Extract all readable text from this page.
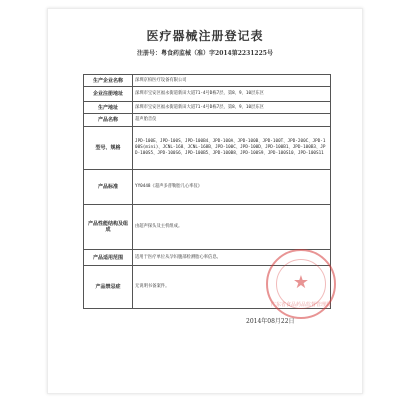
医疗器械注册登记表
注册号：粤食药监械（准）字2014第2231225号
生产企业名称	深圳京柏医疗设备有限公司
企业注册地址	深圳市宝安区福永街道新田大道71-4号D栋7层、第8、9、10层东区
生产地址	深圳市宝安区福永街道新田大道71-4号D栋7层、第8、9、10层东区
产品名称	超声胎音仪
型号、规格	JPD-100E、JPD-100S、JPD-100B4、JPD-100A、JPD-100B、JPD-100T、JPD-200C、JPD-100S(mini)、JCNL-168、JCNL-168B、JPD-100C、JPD-100D、JPD-100B1、JPD-100B3、JPD-100S5、JPD-100S6、JPD-100B5、JPD-100B8、JPD-100S9、JPD-100S10、JPD-100S11
产品标准	YY0448《超声多普勒胎儿心率仪》
产品性能结构及组成	由超声探头及主机组成。
产品适用范围	适用于医疗单位从孕妇腹部检测胎心率信息。
产品禁忌症	无说明书备案件。	★
广东省食品药品监督管理局
2014年08月22日
